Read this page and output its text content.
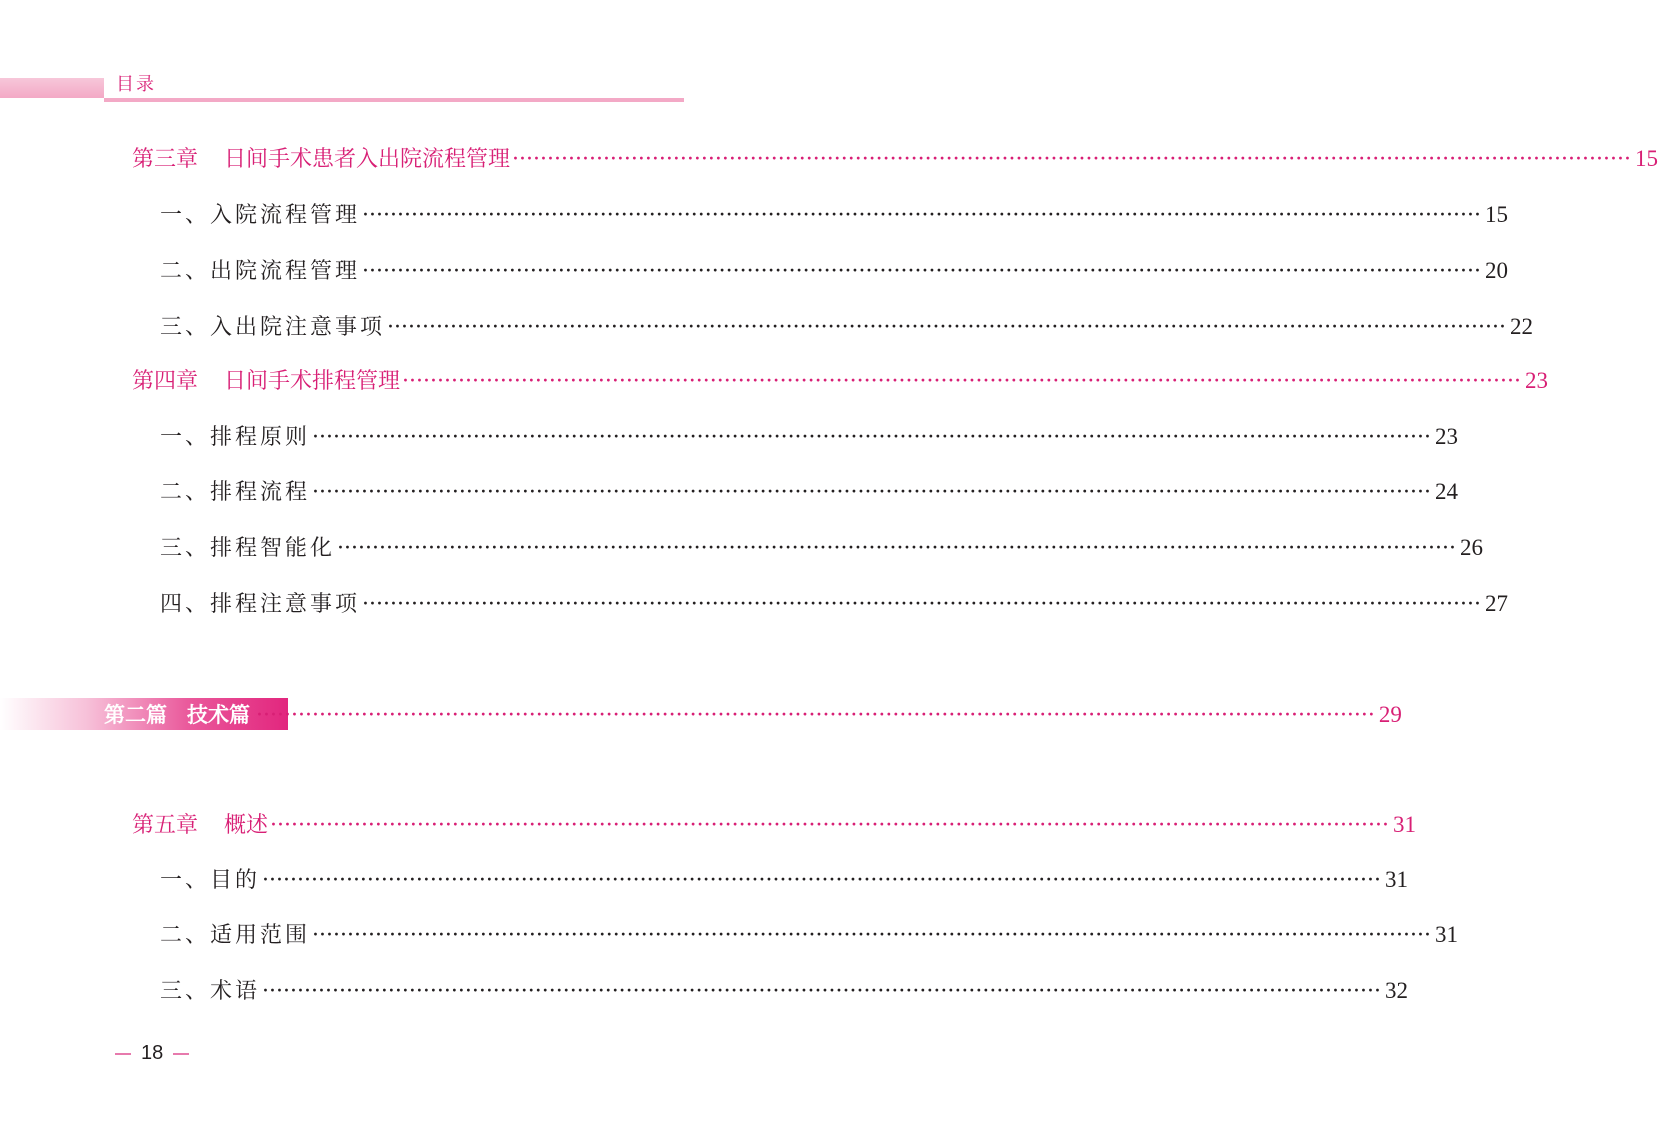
目录
第三章 日间手术患者入出院流程管理 ································································································································································ 15
一、入院流程管理 ································································································································································ 15
二、出院流程管理 ································································································································································ 20
三、入出院注意事项 ································································································································································ 22
第四章 日间手术排程管理 ································································································································································ 23
一、排程原则 ································································································································································ 23
二、排程流程 ································································································································································ 24
三、排程智能化 ································································································································································ 26
四、排程注意事项 ································································································································································ 27
第二篇 技术篇 ································································································································································ 29
第五章 概述 ································································································································································ 31
一、目的 ································································································································································ 31
二、适用范围 ································································································································································ 31
三、术语 ································································································································································ 32
18
